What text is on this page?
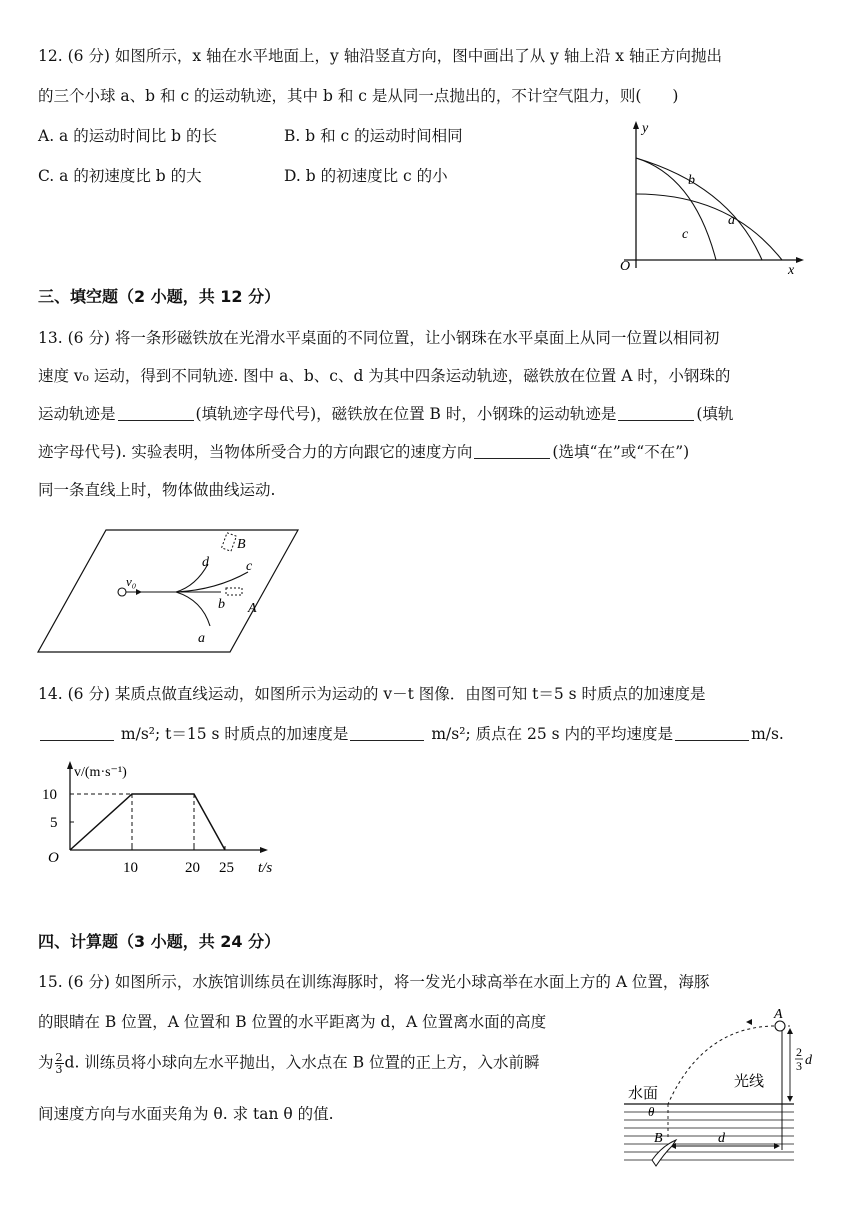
12. (6 分) 如图所示，x 轴在水平地面上，y 轴沿竖直方向，图中画出了从 y 轴上沿 x 轴正方向抛出
的三个小球 a、b 和 c 的运动轨迹，其中 b 和 c 是从同一点抛出的，不计空气阻力，则(　　)
A. a 的运动时间比 b 的长	B. b 和 c 的运动时间相同
C. a 的初速度比 b 的大	D. b 的初速度比 c 的小
y
x
O
a
b
c
三、填空题（2 小题，共 12 分）
13. (6 分) 将一条形磁铁放在光滑水平桌面的不同位置，让小钢珠在水平桌面上从同一位置以相同初
速度 v₀ 运动，得到不同轨迹. 图中 a、b、c、d 为其中四条运动轨迹，磁铁放在位置 A 时，小钢珠的
运动轨迹是	(填轨迹字母代号)，磁铁放在位置 B 时，小钢珠的运动轨迹是	(填轨
迹字母代号). 实验表明，当物体所受合力的方向跟它的速度方向	(选填“在”或“不在”)
同一条直线上时，物体做曲线运动.
v₀
d	c
b
a
B
A
14. (6 分) 某质点做直线运动，如图所示为运动的 v－t 图像．由图可知 t＝5 s 时质点的加速度是
m/s²; t＝15 s 时质点的加速度是	m/s²; 质点在 25 s 内的平均速度是	m/s.
v/(m·s⁻¹)
t/s
O
10
5
10	20 25
四、计算题（3 小题，共 24 分）
15. (6 分) 如图所示，水族馆训练员在训练海豚时，将一发光小球高举在水面上方的 A 位置，海豚
的眼睛在 B 位置，A 位置和 B 位置的水平距离为 d，A 位置离水面的高度
为 $\frac{2}{3} d$. 训练员将小球向左水平抛出，入水点在 B 位置的正上方，入水前瞬
间速度方向与水面夹角为 θ. 求 tan θ 的值.
A
B
水面
光线
θ
d
2
3 d
